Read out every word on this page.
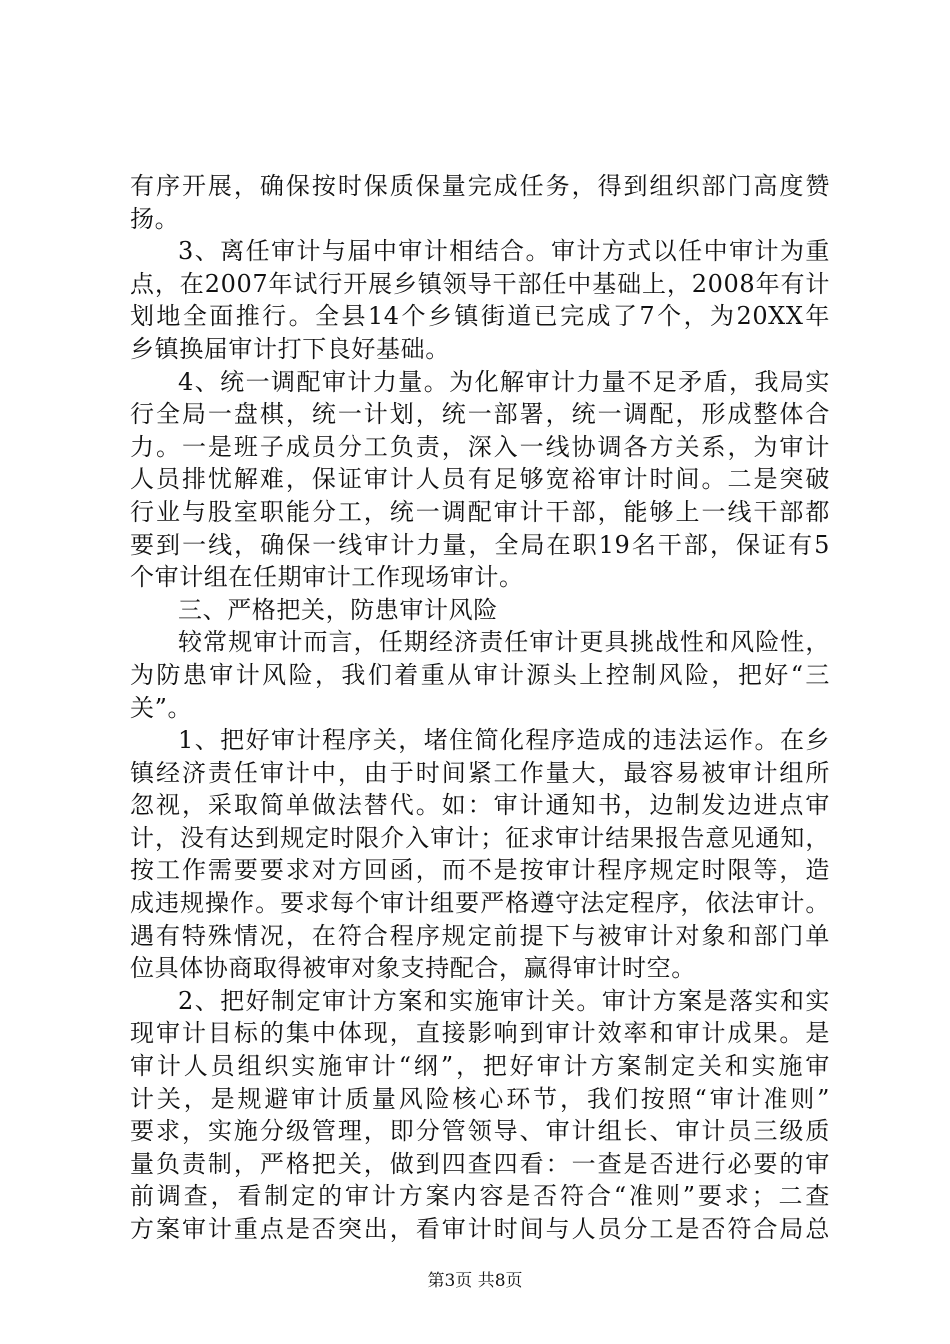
有序开展，确保按时保质保量完成任务，得到组织部门高度赞
扬。
3、离任审计与届中审计相结合。审计方式以任中审计为重
点，在2007年试行开展乡镇领导干部任中基础上，2008年有计
划地全面推行。全县14个乡镇街道已完成了7个，为20XX年
乡镇换届审计打下良好基础。
4、统一调配审计力量。为化解审计力量不足矛盾，我局实
行全局一盘棋，统一计划，统一部署，统一调配，形成整体合
力。一是班子成员分工负责，深入一线协调各方关系，为审计
人员排忧解难，保证审计人员有足够宽裕审计时间。二是突破
行业与股室职能分工，统一调配审计干部，能够上一线干部都
要到一线，确保一线审计力量，全局在职19名干部，保证有5
个审计组在任期审计工作现场审计。
三、严格把关，防患审计风险
较常规审计而言，任期经济责任审计更具挑战性和风险性，
为防患审计风险，我们着重从审计源头上控制风险，把好“三
关”。
1、把好审计程序关，堵住简化程序造成的违法运作。在乡
镇经济责任审计中，由于时间紧工作量大，最容易被审计组所
忽视，采取简单做法替代。如：审计通知书，边制发边进点审
计，没有达到规定时限介入审计；征求审计结果报告意见通知，
按工作需要要求对方回函，而不是按审计程序规定时限等，造
成违规操作。要求每个审计组要严格遵守法定程序，依法审计。
遇有特殊情况，在符合程序规定前提下与被审计对象和部门单
位具体协商取得被审对象支持配合，赢得审计时空。
2、把好制定审计方案和实施审计关。审计方案是落实和实
现审计目标的集中体现，直接影响到审计效率和审计成果。是
审计人员组织实施审计“纲”，把好审计方案制定关和实施审
计关，是规避审计质量风险核心环节，我们按照“审计准则”
要求，实施分级管理，即分管领导、审计组长、审计员三级质
量负责制，严格把关，做到四查四看：一查是否进行必要的审
前调查，看制定的审计方案内容是否符合“准则”要求；二查
方案审计重点是否突出，看审计时间与人员分工是否符合局总
第3页 共8页
